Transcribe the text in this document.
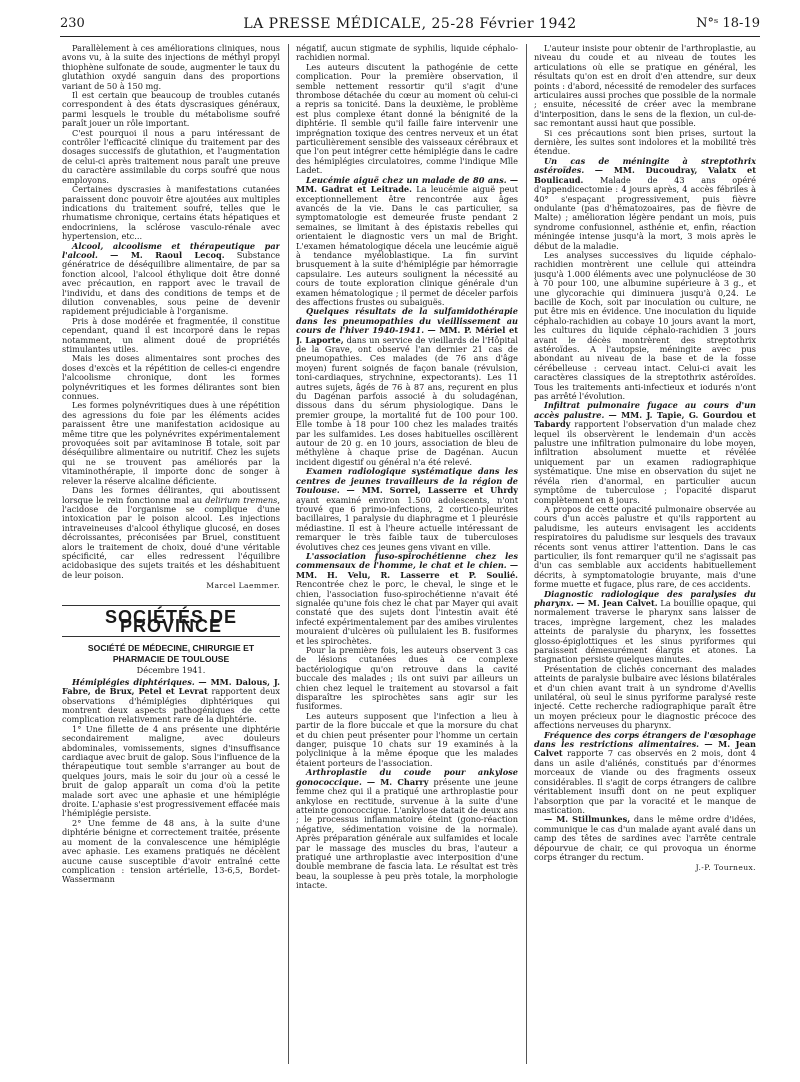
230	LA PRESSE MÉDICALE, 25-28 Février 1942	N°ˢ 18-19

Parallèlement à ces améliorations cliniques, nous avons vu, à la suite des injections de méthyl propyl thiophène sulfonate de soude, augmenter le taux du glutathion oxydé sanguin dans des proportions variant de 50 à 150 mg.

Il est certain que beaucoup de troubles cutanés correspondent à des états dyscrasiques généraux, parmi lesquels le trouble du métabolisme soufré paraît jouer un rôle important.

C'est pourquoi il nous a paru intéressant de contrôler l'efficacité clinique du traitement par des dosages successifs de glutathion, et l'augmentation de celui-ci après traitement nous paraît une preuve du caractère assimilable du corps soufré que nous employons.

Certaines dyscrasies à manifestations cutanées paraissent donc pouvoir être ajoutées aux multiples indications du traitement soufré, telles que le rhumatisme chronique, certains états hépatiques et endocriniens, la sclérose vasculo-rénale avec hypertension, etc...

Alcool, alcoolisme et thérapeutique par l'alcool. — M. Raoul Lecoq. Substance génératrice de déséquilibre alimentaire, de par sa fonction alcool, l'alcool éthylique doit être donné avec précaution, en rapport avec le travail de l'individu, et dans des conditions de temps et de dilution convenables, sous peine de devenir rapidement préjudiciable à l'organisme.

Pris à dose modérée et fragmentée, il constitue cependant, quand il est incorporé dans le repas notamment, un aliment doué de propriétés stimulantes utiles.

Mais les doses alimentaires sont proches des doses d'excès et la répétition de celles-ci engendre l'alcoolisme chronique, dont les formes polynévritiques et les formes délirantes sont bien connues.

Les formes polynévritiques dues à une répétition des agressions du foie par les éléments acides paraissent être une manifestation acidosique au même titre que les polynévrites expérimentalement provoquées soit par avitaminose B totale, soit par déséquilibre alimentaire ou nutritif. Chez les sujets qui ne se trouvent pas améliorés par la vitaminothérapie, il importe donc de songer à relever la réserve alcaline déficiente.

Dans les formes délirantes, qui aboutissent lorsque le rein fonctionne mal au delirium tremens, l'acidose de l'organisme se complique d'une intoxication par le poison alcool. Les injections intraveineuses d'alcool éthylique glucosé, en doses décroissantes, préconisées par Bruel, constituent alors le traitement de choix, doué d'une véritable spécificité, car elles redressent l'équilibre acidobasique des sujets traités et les déshabituent de leur poison.

Marcel Laemmer.

SOCIÉTÉS DE PROVINCE
SOCIÉTÉ DE MÉDECINE, CHIRURGIE ET PHARMACIE DE TOULOUSE
Décembre 1941.

Hémiplégies diphtériques. — MM. Dalous, J. Fabre, de Brux, Petel et Levrat rapportent deux observations d'hémiplégies diphtériques qui montrent deux aspects pathogéniques de cette complication relativement rare de la diphtérie.

1° Une fillette de 4 ans présente une diphtérie secondairement maligne, avec douleurs abdominales, vomissements, signes d'insuffisance cardiaque avec bruit de galop. Sous l'influence de la thérapeutique tout semble s'arranger au bout de quelques jours, mais le soir du jour où a cessé le bruit de galop apparaît un coma d'où la petite malade sort avec une aphasie et une hémiplégie droite. L'aphasie s'est progressivement effacée mais l'hémiplégie persiste.

2° Une femme de 48 ans, à la suite d'une diphtérie bénigne et correctement traitée, présente au moment de la convalescence une hémiplégie avec aphasie. Les examens pratiqués ne décèlent aucune cause susceptible d'avoir entraîné cette complication : tension artérielle, 13-6,5, Bordet-Wassermann

négatif, aucun stigmate de syphilis, liquide céphalo-rachidien normal.

Les auteurs discutent la pathogénie de cette complication. Pour la première observation, il semble nettement ressortir qu'il s'agit d'une thrombose détachée du cœur au moment où celui-ci a repris sa tonicité. Dans la deuxième, le problème est plus complexe étant donné la bénignité de la diphtérie. Il semble qu'il faille faire intervenir une imprégnation toxique des centres nerveux et un état particulièrement sensible des vaisseaux cérébraux et que l'on peut intégrer cette hémiplégie dans le cadre des hémiplégies circulatoires, comme l'indique Mlle Ladet.

Leucémie aiguë chez un malade de 80 ans. — MM. Gadrat et Leitrade. La leucémie aiguë peut exceptionnellement être rencontrée aux âges avancés de la vie. Dans le cas particulier, sa symptomatologie est demeurée fruste pendant 2 semaines, se limitant à des épistaxis rebelles qui orientaient le diagnostic vers un mal de Bright. L'examen hématologique décela une leucémie aiguë à tendance myéloblastique. La fin survint brusquement à la suite d'hémiplégie par hémorragie capsulaire. Les auteurs soulignent la nécessité au cours de toute exploration clinique générale d'un examen hématologique ; il permet de déceler parfois des affections frustes ou subaiguës.

Quelques résultats de la sulfamidothérapie dans les pneumopathies du vieillissement au cours de l'hiver 1940-1941. — MM. P. Mériel et J. Laporte, dans un service de vieillards de l'Hôpital de la Grave, ont observé l'an dernier 21 cas de pneumopathies. Ces malades (de 76 ans d'âge moyen) furent soignés de façon banale (révulsion, toni-cardiaques, strychnine, expectorants). Les 11 autres sujets, âgés de 76 à 87 ans, reçurent en plus du Dagénan parfois associé à du soludagénan, dissous dans du sérum physiologique. Dans le premier groupe, la mortalité fut de 100 pour 100. Elle tombe à 18 pour 100 chez les malades traités par les sulfamides. Les doses habituelles oscillèrent autour de 20 g. en 10 jours, association de bleu de méthylène à chaque prise de Dagénan. Aucun incident digestif ou général n'a été relevé.

Examen radiologique systématique dans les centres de jeunes travailleurs de la région de Toulouse. — MM. Sorrel, Lasserre et Uhrdy ayant examiné environ 1.500 adolescents, n'ont trouvé que 6 primo-infections, 2 cortico-pleurites bacillaires, 1 paralysie du diaphragme et 1 pleurésie médiastine. Il est à l'heure actuelle intéressant de remarquer le très faible taux de tuberculoses évolutives chez ces jeunes gens vivant en ville.

L'association fuso-spirochétienne chez les commensaux de l'homme, le chat et le chien. — MM. H. Velu, R. Lasserre et P. Soulié. Rencontrée chez le porc, le cheval, le singe et le chien, l'association fuso-spirochétienne n'avait été signalée qu'une fois chez le chat par Mayer qui avait constaté que des sujets dont l'intestin avait été infecté expérimentalement par des amibes virulentes mouraient d'ulcères où pullulaient les B. fusiformes et les spirochètes.

Pour la première fois, les auteurs observent 3 cas de lésions cutanées dues à ce complexe bactériologique qu'on retrouve dans la cavité buccale des malades ; ils ont suivi par ailleurs un chien chez lequel le traitement au stovarsol a fait disparaître les spirochètes sans agir sur les fusiformes.

Les auteurs supposent que l'infection a lieu à partir de la flore buccale et que la morsure du chat et du chien peut présenter pour l'homme un certain danger, puisque 10 chats sur 19 examinés à la polyclinique à la même époque que les malades étaient porteurs de l'association.

Arthroplastie du coude pour ankylose gonococcique. — M. Charry présente une jeune femme chez qui il a pratiqué une arthroplastie pour ankylose en rectitude, survenue à la suite d'une atteinte gonococcique. L'ankylose datait de deux ans ; le processus inflammatoire éteint (gono-réaction négative, sédimentation voisine de la normale). Après préparation générale aux sulfamides et locale par le massage des muscles du bras, l'auteur a pratiqué une arthroplastie avec interposition d'une double membrane de fascia lata. Le résultat est très beau, la souplesse à peu près totale, la morphologie intacte.

L'auteur insiste pour obtenir de l'arthroplastie, au niveau du coude et au niveau de toutes les articulations où elle se pratique en général, les résultats qu'on est en droit d'en attendre, sur deux points : d'abord, nécessité de remodeler des surfaces articulaires aussi proches que possible de la normale ; ensuite, nécessité de créer avec la membrane d'interposition, dans le sens de la flexion, un cul-de-sac remontant aussi haut que possible.

Si ces précautions sont bien prises, surtout la dernière, les suites sont indolores et la mobilité très étendue.

Un cas de méningite à streptothrix astéroïdes. — MM. Ducoudray, Valatx et Boulicaud. Malade de 43 ans opéré d'appendicectomie : 4 jours après, 4 accès fébriles à 40° s'espaçant progressivement, puis fièvre ondulante (pas d'hématozoaires, pas de fièvre de Malte) ; amélioration légère pendant un mois, puis syndrome confusionnel, asthénie et, enfin, réaction méningée intense jusqu'à la mort, 3 mois après le début de la maladie.

Les analyses successives du liquide céphalo-rachidien montrèrent une cellule qui atteindra jusqu'à 1.000 éléments avec une polynucléose de 30 à 70 pour 100, une albumine supérieure à 3 g., et une glycorachie qui diminuera jusqu'à 0,24. Le bacille de Koch, soit par inoculation ou culture, ne put être mis en évidence. Une inoculation du liquide céphalo-rachidien au cobaye 10 jours avant la mort, les cultures du liquide céphalo-rachidien 3 jours avant le décès montrèrent des streptothrix astéroïdes. A l'autopsie, méningite avec pus abondant au niveau de la base et de la fosse cérébelleuse : cerveau intact. Celui-ci avait les caractères classiques de la streptothrix astéroïdes. Tous les traitements anti-infectieux et iodurés n'ont pas arrêté l'évolution.

Infiltrat pulmonaire fugace au cours d'un accès palustre. — MM. J. Tapie, G. Gourdou et Tabardy rapportent l'observation d'un malade chez lequel ils observèrent le lendemain d'un accès palustre une infiltration pulmonaire du lobe moyen, infiltration absolument muette et révélée uniquement par un examen radiographique systématique. Une mise en observation du sujet ne révéla rien d'anormal, en particulier aucun symptôme de tuberculose ; l'opacité disparut complètement en 8 jours.

A propos de cette opacité pulmonaire observée au cours d'un accès palustre et qu'ils rapportent au paludisme, les auteurs envisagent les accidents respiratoires du paludisme sur lesquels des travaux récents sont venus attirer l'attention. Dans le cas particulier, ils font remarquer qu'il ne s'agissait pas d'un cas semblable aux accidents habituellement décrits, à symptomatologie bruyante, mais d'une forme muette et fugace, plus rare, de ces accidents.

Diagnostic radiologique des paralysies du pharynx. — M. Jean Calvet. La bouillie opaque, qui normalement traverse le pharynx sans laisser de traces, imprègne largement, chez les malades atteints de paralysie du pharynx, les fossettes glosso-épiglottiques et les sinus pyriformes qui paraissent démesurément élargis et atones. La stagnation persiste quelques minutes.

Présentation de clichés concernant des malades atteints de paralysie bulbaire avec lésions bilatérales et d'un chien avant trait à un syndrome d'Avellis unilatéral, où seul le sinus pyriforme paralysé reste injecté. Cette recherche radiographique paraît être un moyen précieux pour le diagnostic précoce des affections nerveuses du pharynx.

Fréquence des corps étrangers de l'œsophage dans les restrictions alimentaires. — M. Jean Calvet rapporte 7 cas observés en 2 mois, dont 4 dans un asile d'aliénés, constitués par d'énormes morceaux de viande ou des fragments osseux considérables. Il s'agit de corps étrangers de calibre véritablement insuffi dont on ne peut expliquer l'absorption que par la voracité et le manque de mastication.

— M. Stillmunkes, dans le même ordre d'idées, communique le cas d'un malade ayant avalé dans un camp des têtes de sardines avec l'arrête centrale dépourvue de chair, ce qui provoqua un énorme corps étranger du rectum.

J.-P. Tourneux.
